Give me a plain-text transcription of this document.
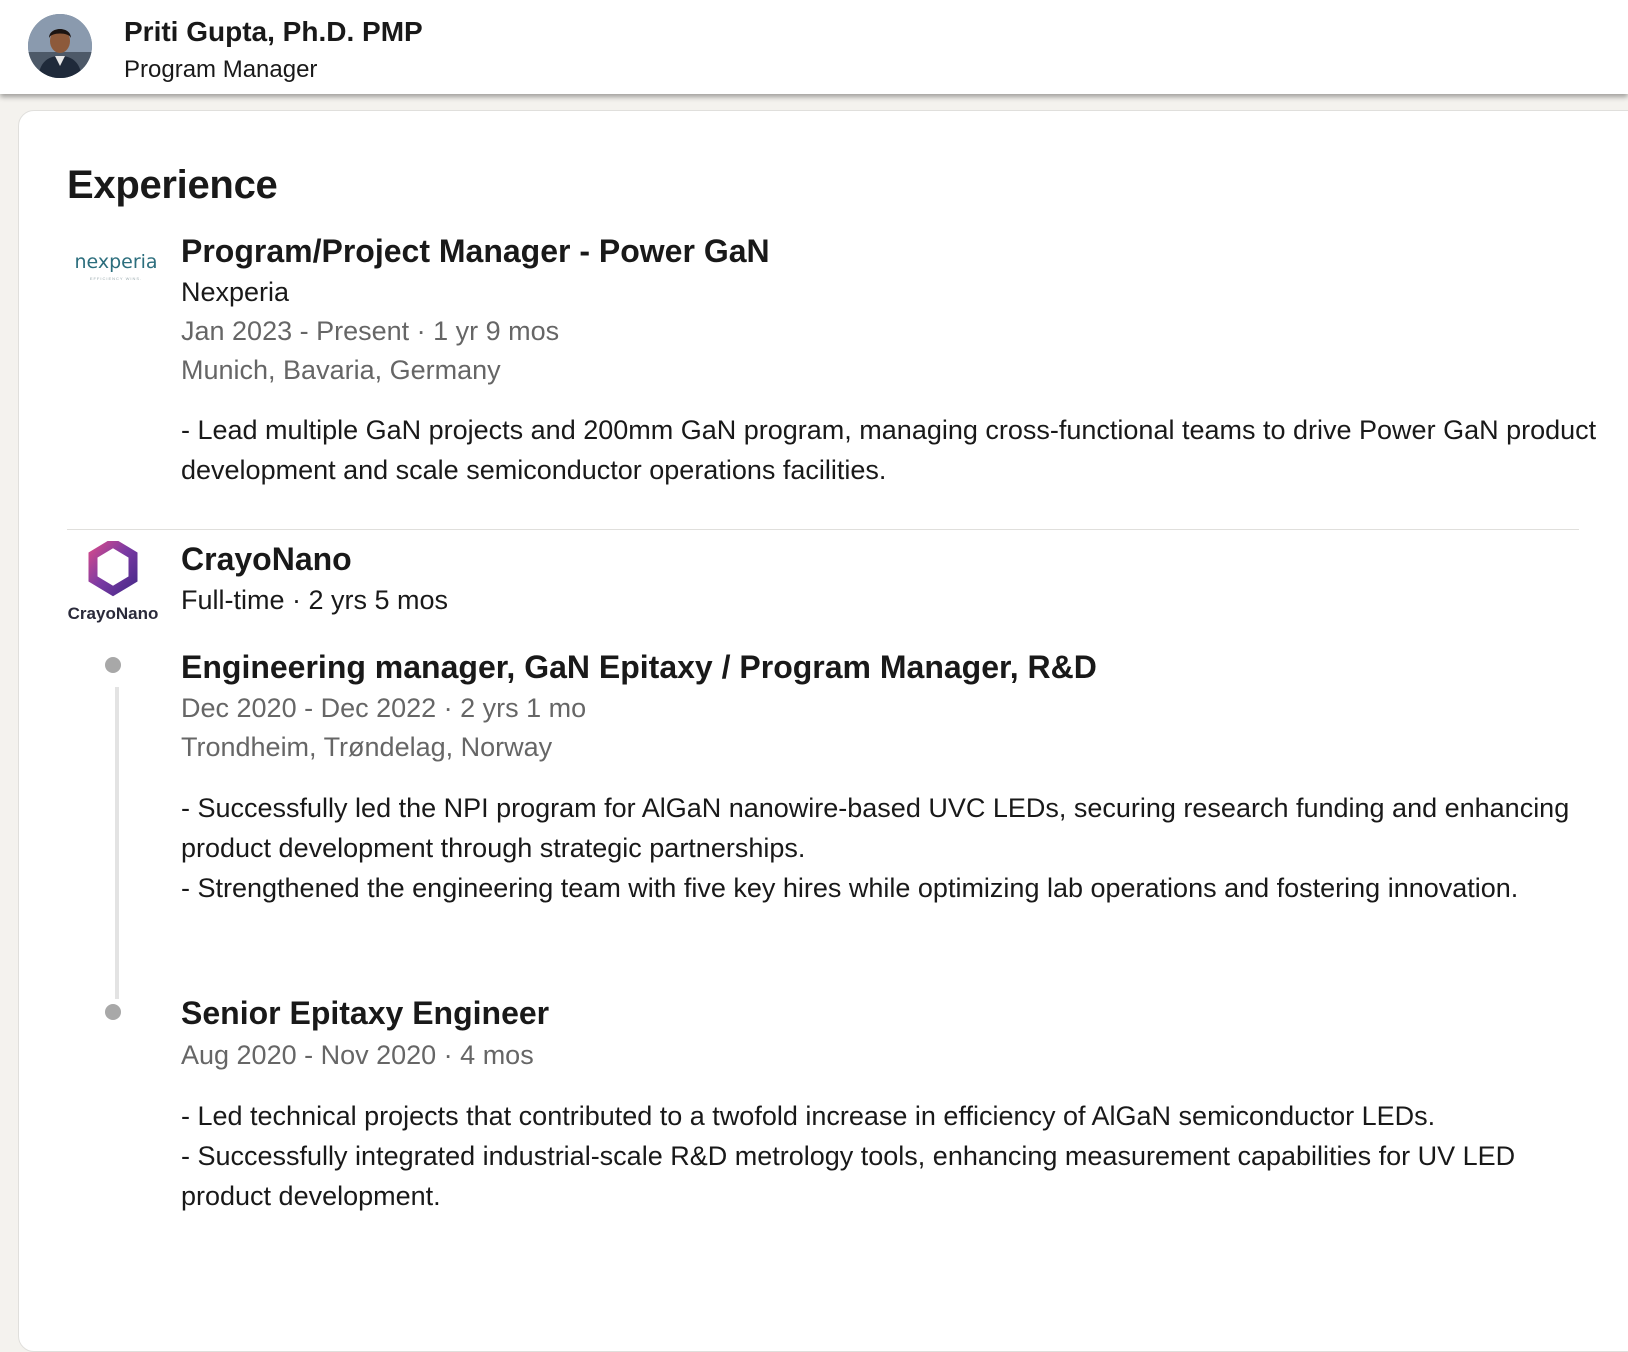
Priti Gupta, Ph.D. PMP
Program Manager
Experience
nexperia
EFFICIENCY WINS.
Program/Project Manager - Power GaN
Nexperia
Jan 2023 - Present · 1 yr 9 mos
Munich, Bavaria, Germany
- Lead multiple GaN projects and 200mm GaN program, managing cross-functional teams to drive Power GaN product development and scale semiconductor operations facilities.
CrayoNano
CrayoNano
Full-time · 2 yrs 5 mos
Engineering manager, GaN Epitaxy / Program Manager, R&D
Dec 2020 - Dec 2022 · 2 yrs 1 mo
Trondheim, Trøndelag, Norway
- Successfully led the NPI program for AlGaN nanowire-based UVC LEDs, securing research funding and enhancing product development through strategic partnerships.
- Strengthened the engineering team with five key hires while optimizing lab operations and fostering innovation.
Senior Epitaxy Engineer
Aug 2020 - Nov 2020 · 4 mos
- Led technical projects that contributed to a twofold increase in efficiency of AlGaN semiconductor LEDs.
- Successfully integrated industrial-scale R&D metrology tools, enhancing measurement capabilities for UV LED product development.
